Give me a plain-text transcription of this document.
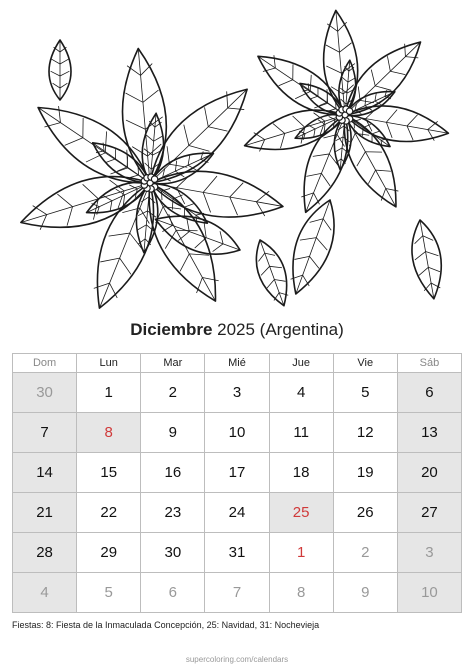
Diciembre 2025 (Argentina)
Dom	Lun	Mar	Mié	Jue	Vie	Sáb
30	1	2	3	4	5	6
7	8	9	10	11	12	13
14	15	16	17	18	19	20
21	22	23	24	25	26	27
28	29	30	31	1	2	3
4	5	6	7	8	9	10
Fiestas: 8: Fiesta de la Inmaculada Concepción, 25: Navidad, 31: Nochevieja
supercoloring.com/calendars
